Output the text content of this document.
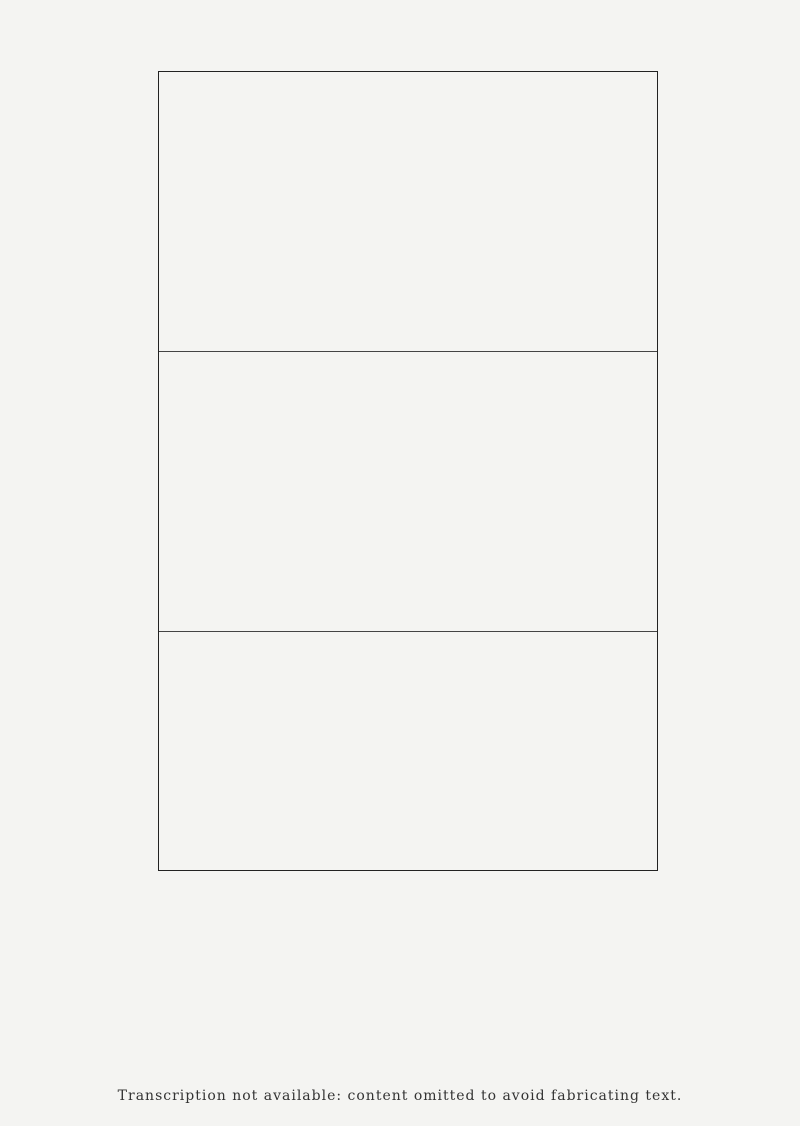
Transcription not available: content omitted to avoid fabricating text.
